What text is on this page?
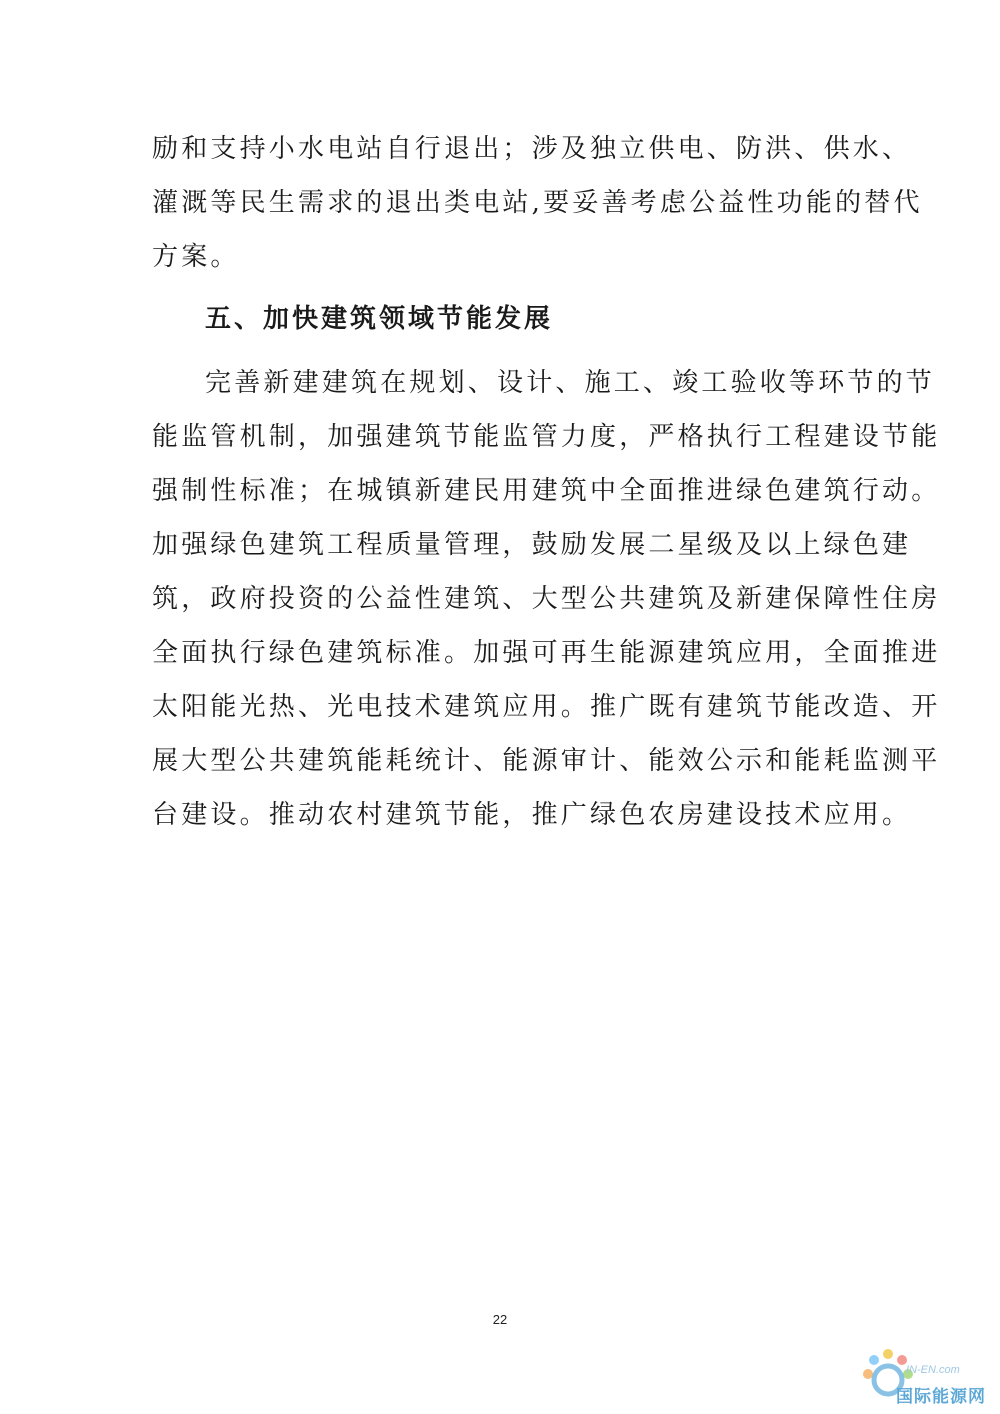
励和支持小水电站自行退出；涉及独立供电、防洪、供水、
灌溉等民生需求的退出类电站,要妥善考虑公益性功能的替代
方案。
五、加快建筑领域节能发展
完善新建建筑在规划、设计、施工、竣工验收等环节的节
能监管机制，加强建筑节能监管力度，严格执行工程建设节能
强制性标准；在城镇新建民用建筑中全面推进绿色建筑行动。
加强绿色建筑工程质量管理，鼓励发展二星级及以上绿色建
筑，政府投资的公益性建筑、大型公共建筑及新建保障性住房
全面执行绿色建筑标准。加强可再生能源建筑应用，全面推进
太阳能光热、光电技术建筑应用。推广既有建筑节能改造、开
展大型公共建筑能耗统计、能源审计、能效公示和能耗监测平
台建设。推动农村建筑节能，推广绿色农房建设技术应用。
22
IN-EN.com
国际能源网
